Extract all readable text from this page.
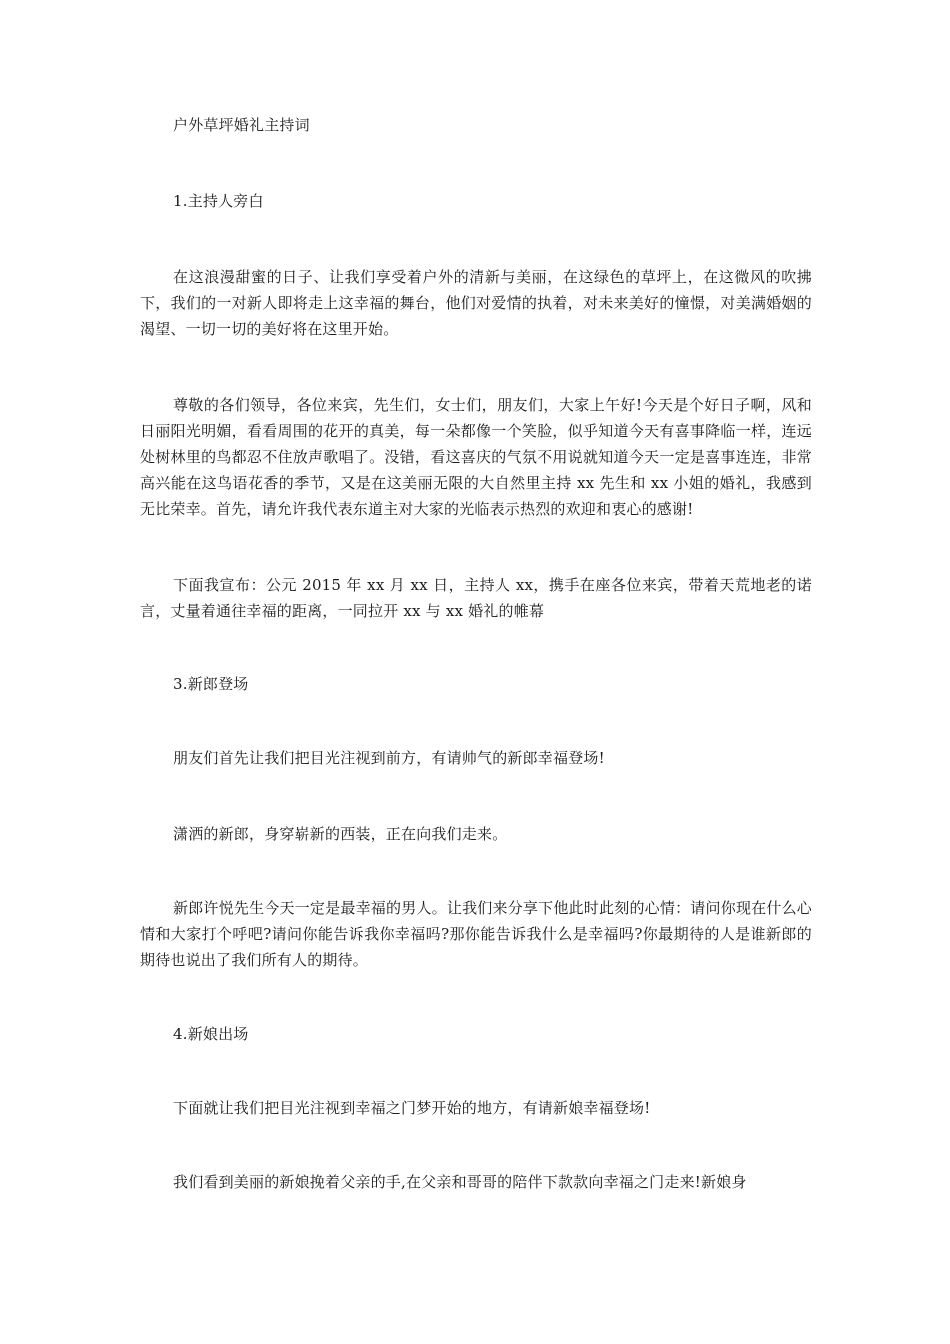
户外草坪婚礼主持词
1.主持人旁白
在这浪漫甜蜜的日子、让我们享受着户外的清新与美丽，在这绿色的草坪上，在这微风的吹拂下，我们的一对新人即将走上这幸福的舞台，他们对爱情的执着，对未来美好的憧憬，对美满婚姻的渴望、一切一切的美好将在这里开始。
尊敬的各们领导，各位来宾，先生们，女士们，朋友们，大家上午好!今天是个好日子啊，风和日丽阳光明媚，看看周围的花开的真美，每一朵都像一个笑脸，似乎知道今天有喜事降临一样，连远处树林里的鸟都忍不住放声歌唱了。没错，看这喜庆的气氛不用说就知道今天一定是喜事连连，非常高兴能在这鸟语花香的季节，又是在这美丽无限的大自然里主持 xx 先生和 xx 小姐的婚礼，我感到无比荣幸。首先，请允许我代表东道主对大家的光临表示热烈的欢迎和衷心的感谢!
下面我宣布：公元 2015 年 xx 月 xx 日，主持人 xx，携手在座各位来宾，带着天荒地老的诺言，丈量着通往幸福的距离，一同拉开 xx 与 xx 婚礼的帷幕
3.新郎登场
朋友们首先让我们把目光注视到前方，有请帅气的新郎幸福登场!
潇洒的新郎，身穿崭新的西装，正在向我们走来。
新郎许悦先生今天一定是最幸福的男人。让我们来分享下他此时此刻的心情：请问你现在什么心情和大家打个呼吧?请问你能告诉我你幸福吗?那你能告诉我什么是幸福吗?你最期待的人是谁新郎的期待也说出了我们所有人的期待。
4.新娘出场
下面就让我们把目光注视到幸福之门梦开始的地方，有请新娘幸福登场!
我们看到美丽的新娘挽着父亲的手,在父亲和哥哥的陪伴下款款向幸福之门走来!新娘身
